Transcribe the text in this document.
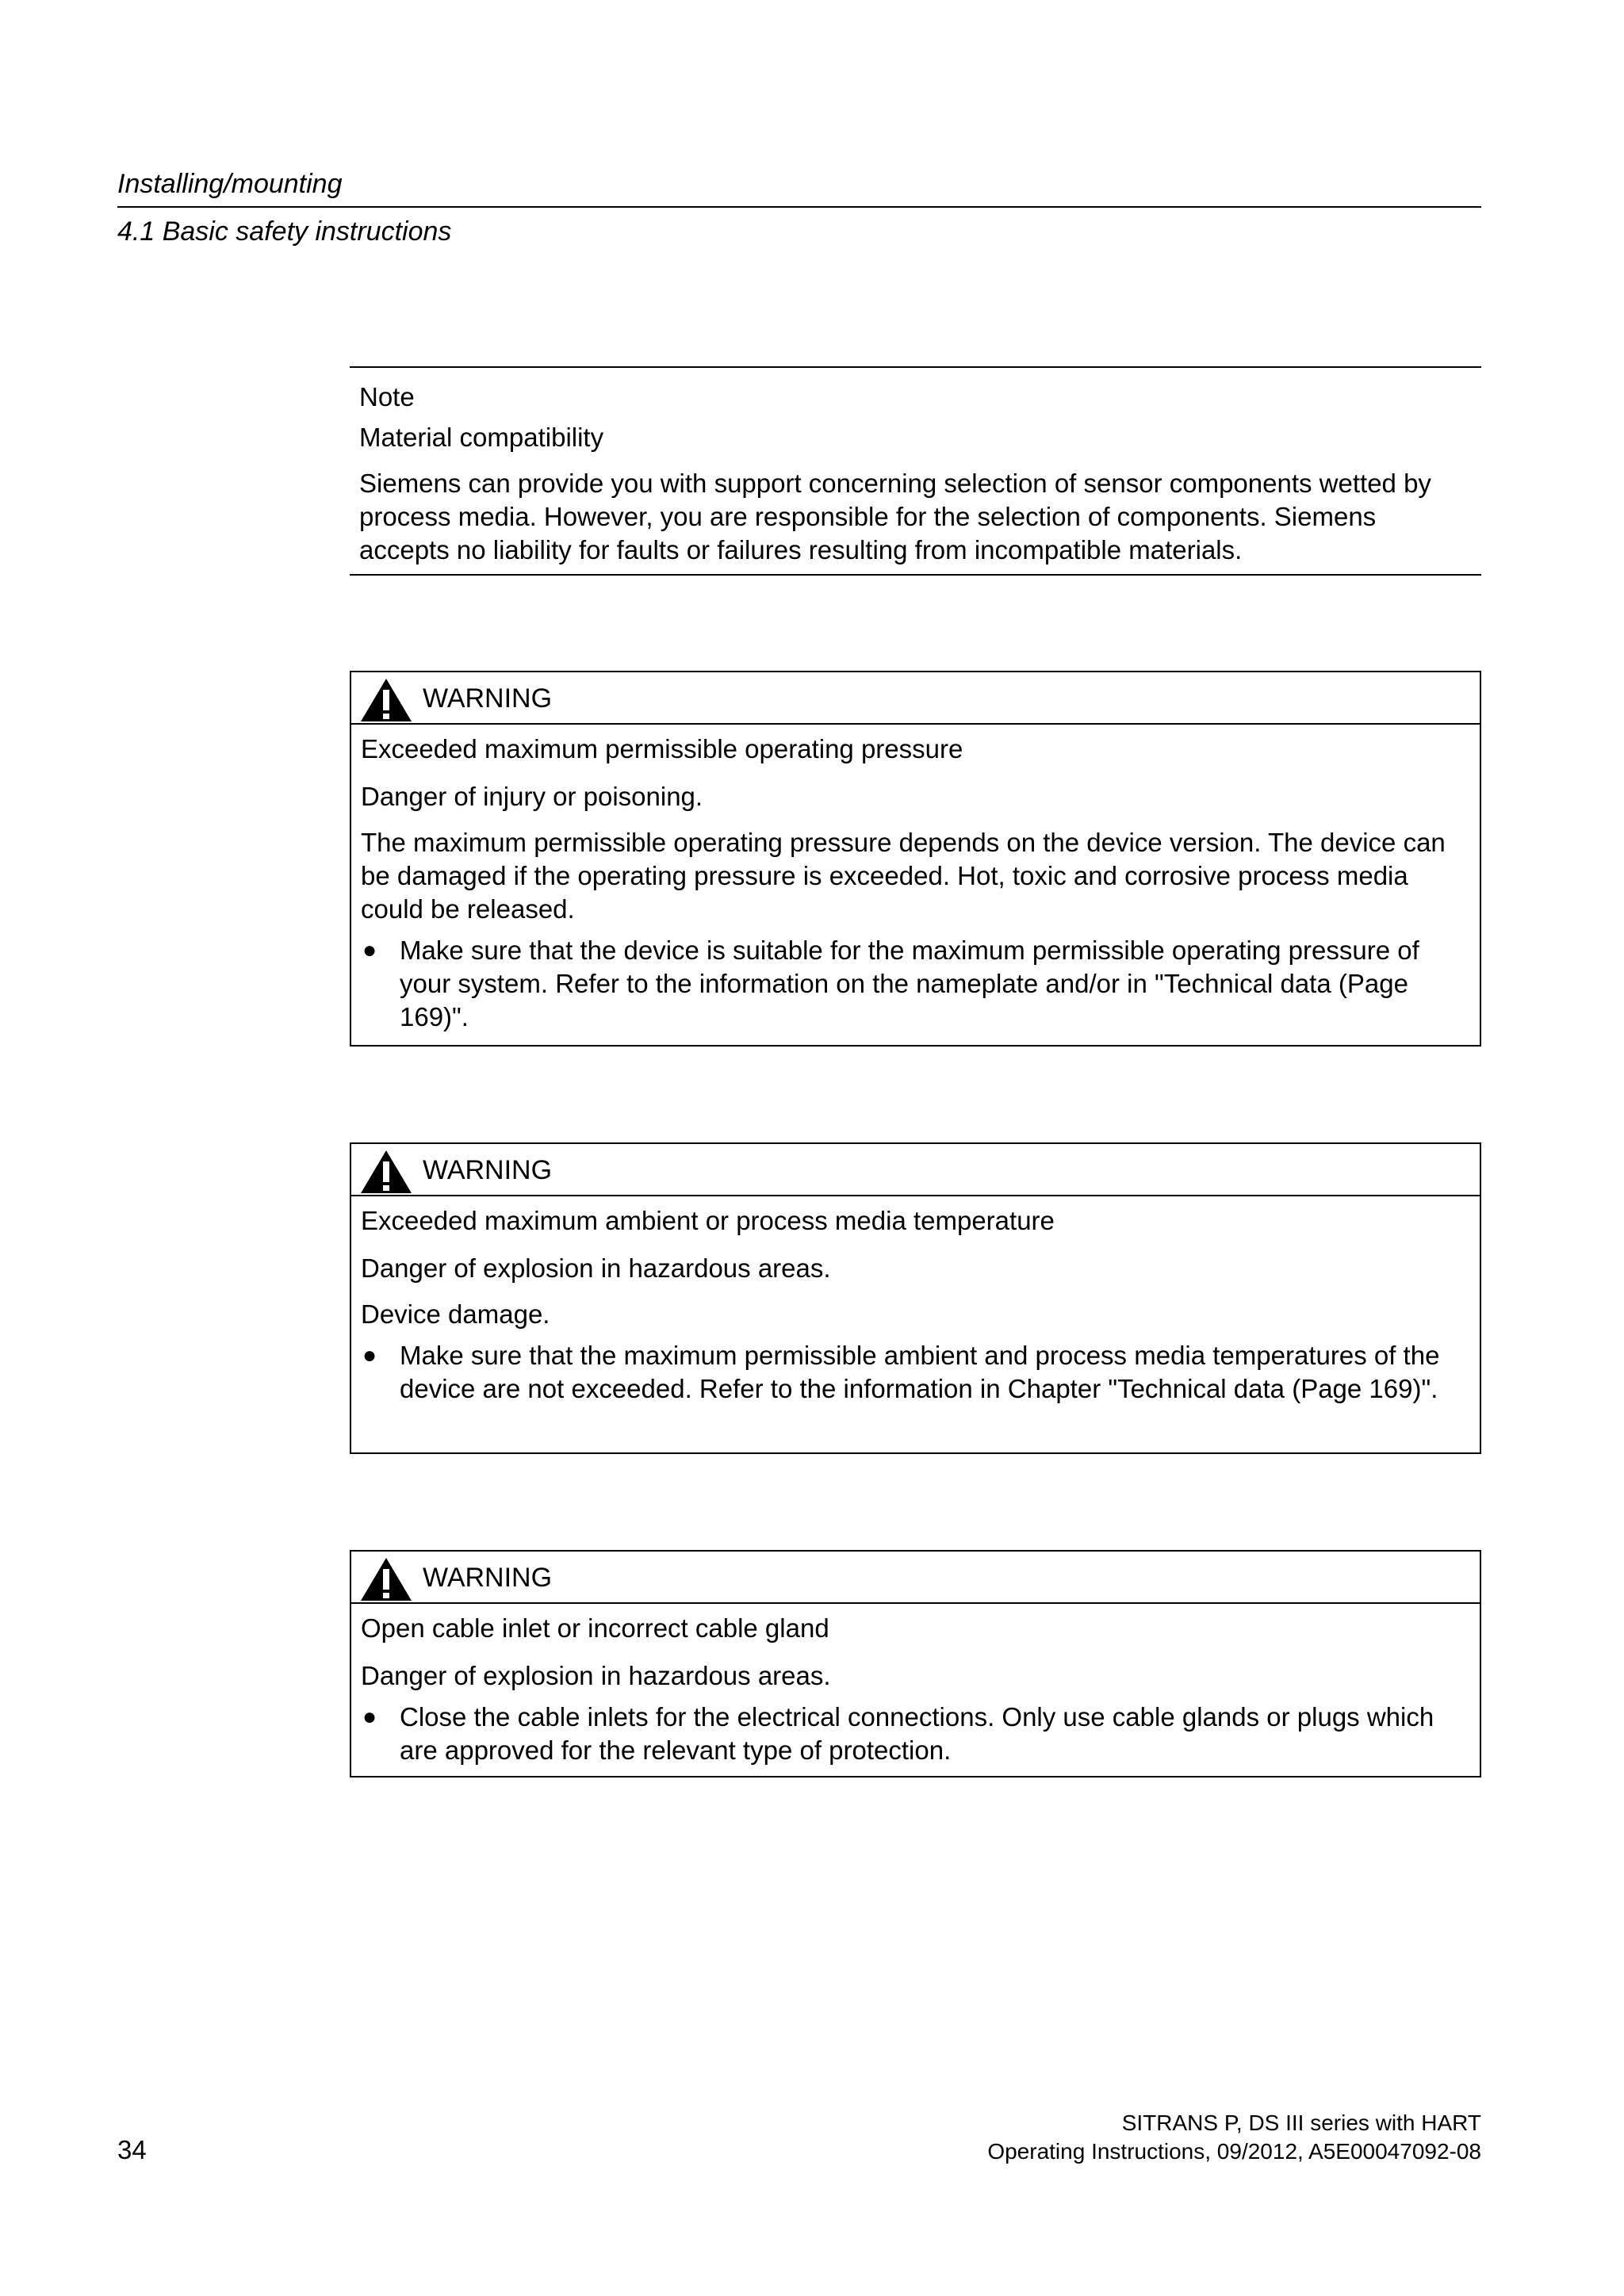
Installing/mounting
4.1 Basic safety instructions
Note
Material compatibility
Siemens can provide you with support concerning selection of sensor components wetted by process media. However, you are responsible for the selection of components. Siemens accepts no liability for faults or failures resulting from incompatible materials.
WARNING
Exceeded maximum permissible operating pressure
Danger of injury or poisoning.
The maximum permissible operating pressure depends on the device version. The device can be damaged if the operating pressure is exceeded. Hot, toxic and corrosive process media could be released.
● Make sure that the device is suitable for the maximum permissible operating pressure of your system. Refer to the information on the nameplate and/or in "Technical data (Page 169)".
WARNING
Exceeded maximum ambient or process media temperature
Danger of explosion in hazardous areas.
Device damage.
● Make sure that the maximum permissible ambient and process media temperatures of the device are not exceeded. Refer to the information in Chapter "Technical data (Page 169)".
WARNING
Open cable inlet or incorrect cable gland
Danger of explosion in hazardous areas.
● Close the cable inlets for the electrical connections. Only use cable glands or plugs which are approved for the relevant type of protection.
34
SITRANS P, DS III series with HART
Operating Instructions, 09/2012, A5E00047092-08
